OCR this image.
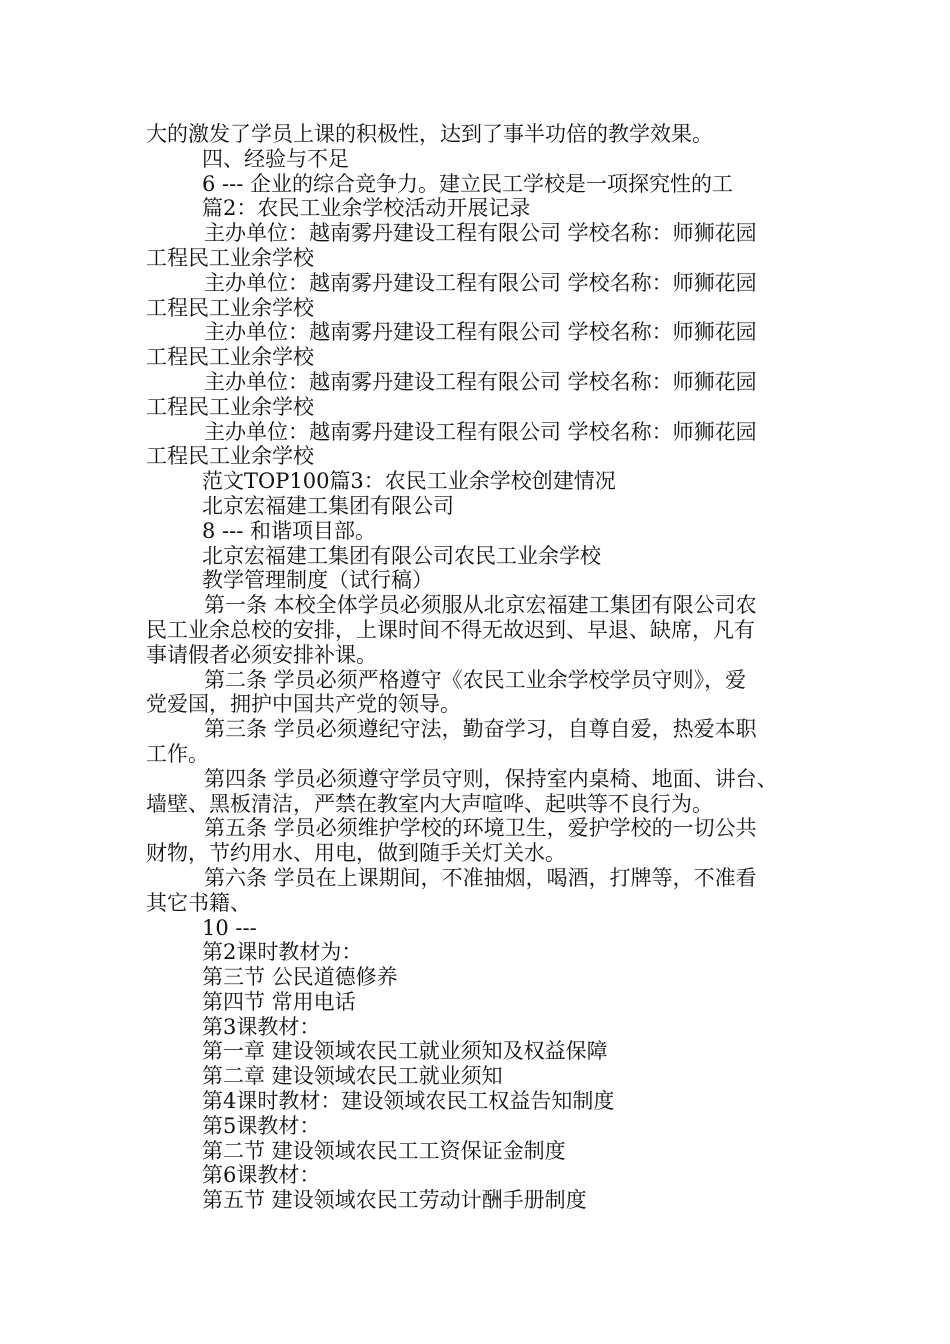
大的激发了学员上课的积极性，达到了事半功倍的教学效果。

四、经验与不足

6 --- 企业的综合竞争力。建立民工学校是一项探究性的工

篇2：农民工业余学校活动开展记录

主办单位：越南雾丹建设工程有限公司 学校名称：师狮花园

工程民工业余学校

主办单位：越南雾丹建设工程有限公司 学校名称：师狮花园

工程民工业余学校

主办单位：越南雾丹建设工程有限公司 学校名称：师狮花园

工程民工业余学校

主办单位：越南雾丹建设工程有限公司 学校名称：师狮花园

工程民工业余学校

主办单位：越南雾丹建设工程有限公司 学校名称：师狮花园

工程民工业余学校

范文TOP100篇3：农民工业余学校创建情况

北京宏福建工集团有限公司

8 --- 和谐项目部。

北京宏福建工集团有限公司农民工业余学校

教学管理制度（试行稿）

第一条 本校全体学员必须服从北京宏福建工集团有限公司农

民工业余总校的安排，上课时间不得无故迟到、早退、缺席，凡有

事请假者必须安排补课。

第二条 学员必须严格遵守《农民工业余学校学员守则》，爱

党爱国，拥护中国共产党的领导。

第三条 学员必须遵纪守法，勤奋学习，自尊自爱，热爱本职

工作。

第四条 学员必须遵守学员守则，保持室内桌椅、地面、讲台、

墙壁、黑板清洁，严禁在教室内大声喧哗、起哄等不良行为。

第五条 学员必须维护学校的环境卫生，爱护学校的一切公共

财物，节约用水、用电，做到随手关灯关水。

第六条 学员在上课期间，不准抽烟，喝酒，打牌等，不准看

其它书籍、

10 ---

第2课时教材为：

第三节 公民道德修养

第四节 常用电话

第3课教材：

第一章 建设领域农民工就业须知及权益保障

第二章 建设领域农民工就业须知

第4课时教材：建设领域农民工权益告知制度

第5课教材：

第二节 建设领域农民工工资保证金制度

第6课教材：

第五节 建设领域农民工劳动计酬手册制度
